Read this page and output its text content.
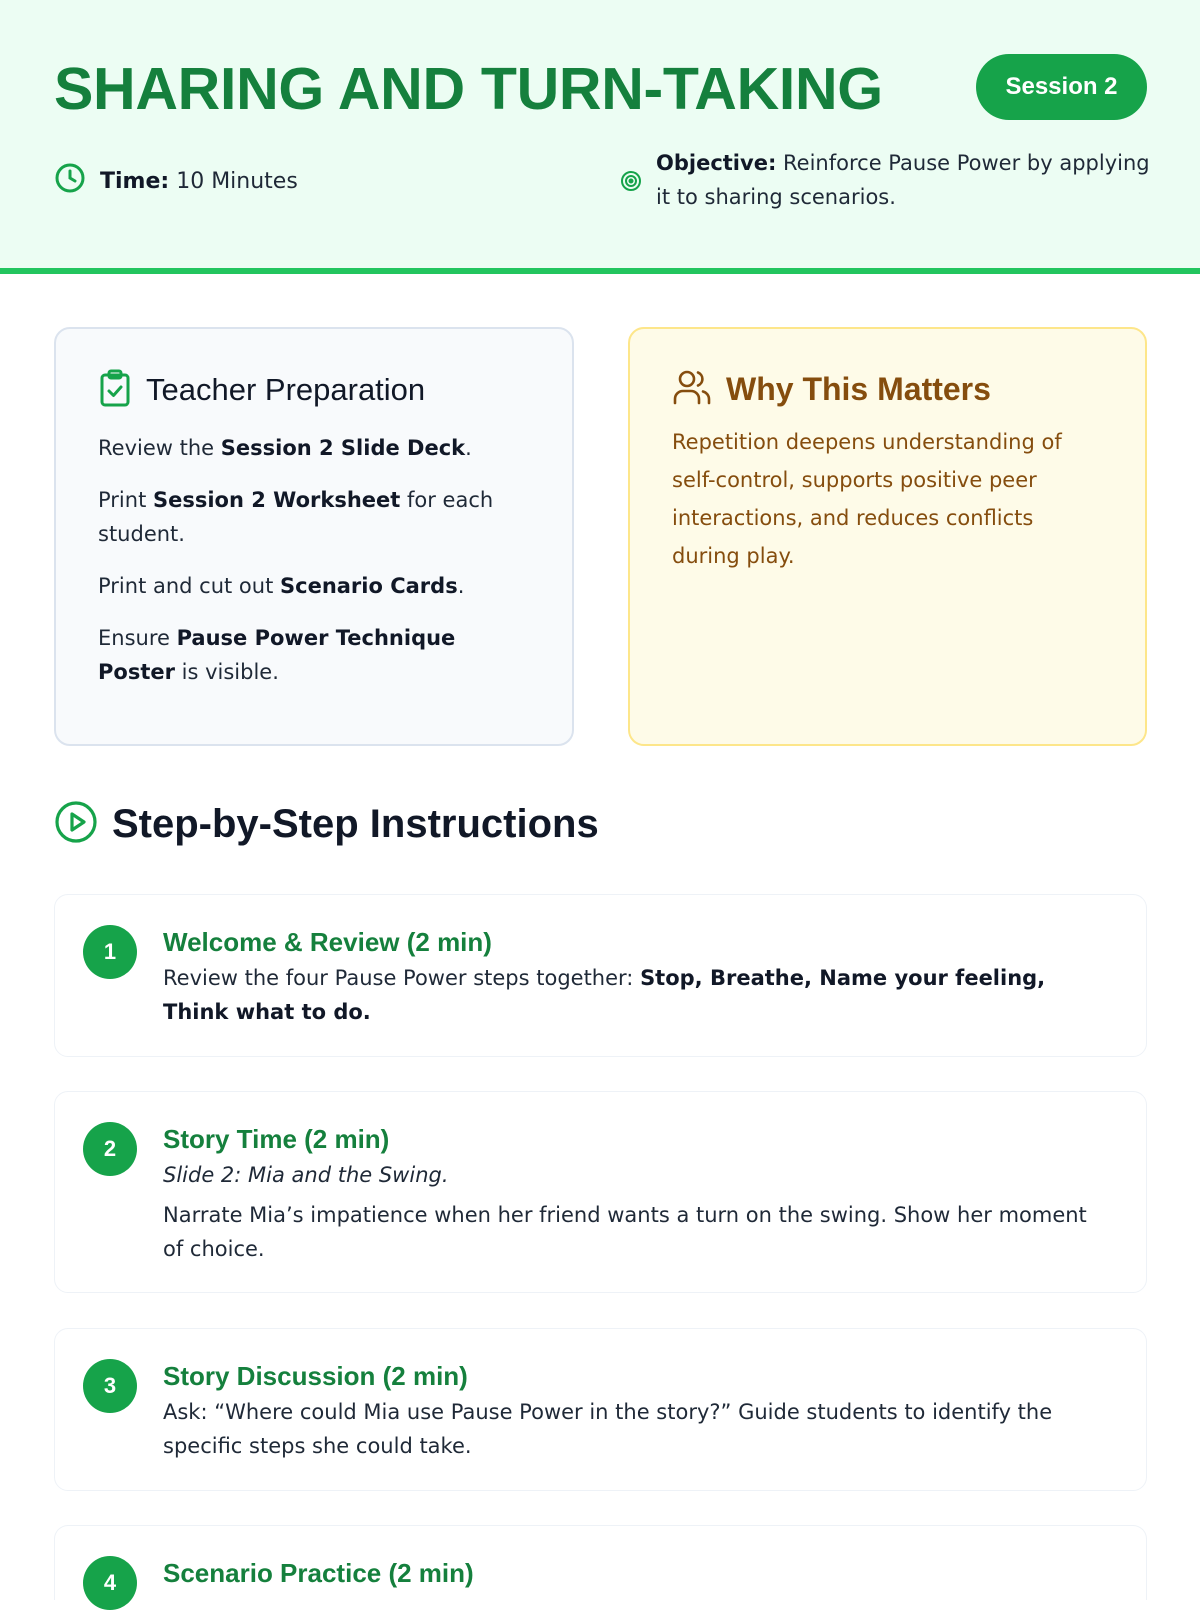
SHARING AND TURN-TAKING	Session 2
Time:
10 Minutes
Objective: Reinforce Pause Power by applying it to sharing scenarios.
Teacher Preparation

Review the Session 2 Slide Deck.

Print Session 2 Worksheet for each student.

Print and cut out Scenario Cards.

Ensure Pause Power Technique Poster is visible.

Why This Matters

Repetition deepens understanding of self-control, supports positive peer interactions, and reduces conflicts during play.

Step-by-Step Instructions
1	Welcome & Review (2 min)

Review the four Pause Power steps together: Stop, Breathe, Name your feeling, Think what to do.

2	Story Time (2 min)

Slide 2: Mia and the Swing.

Narrate Mia’s impatience when her friend wants a turn on the swing. Show her moment of choice.

3	Story Discussion (2 min)

Ask: “Where could Mia use Pause Power in the story?” Guide students to identify the specific steps she could take.

4	Scenario Practice (2 min)
